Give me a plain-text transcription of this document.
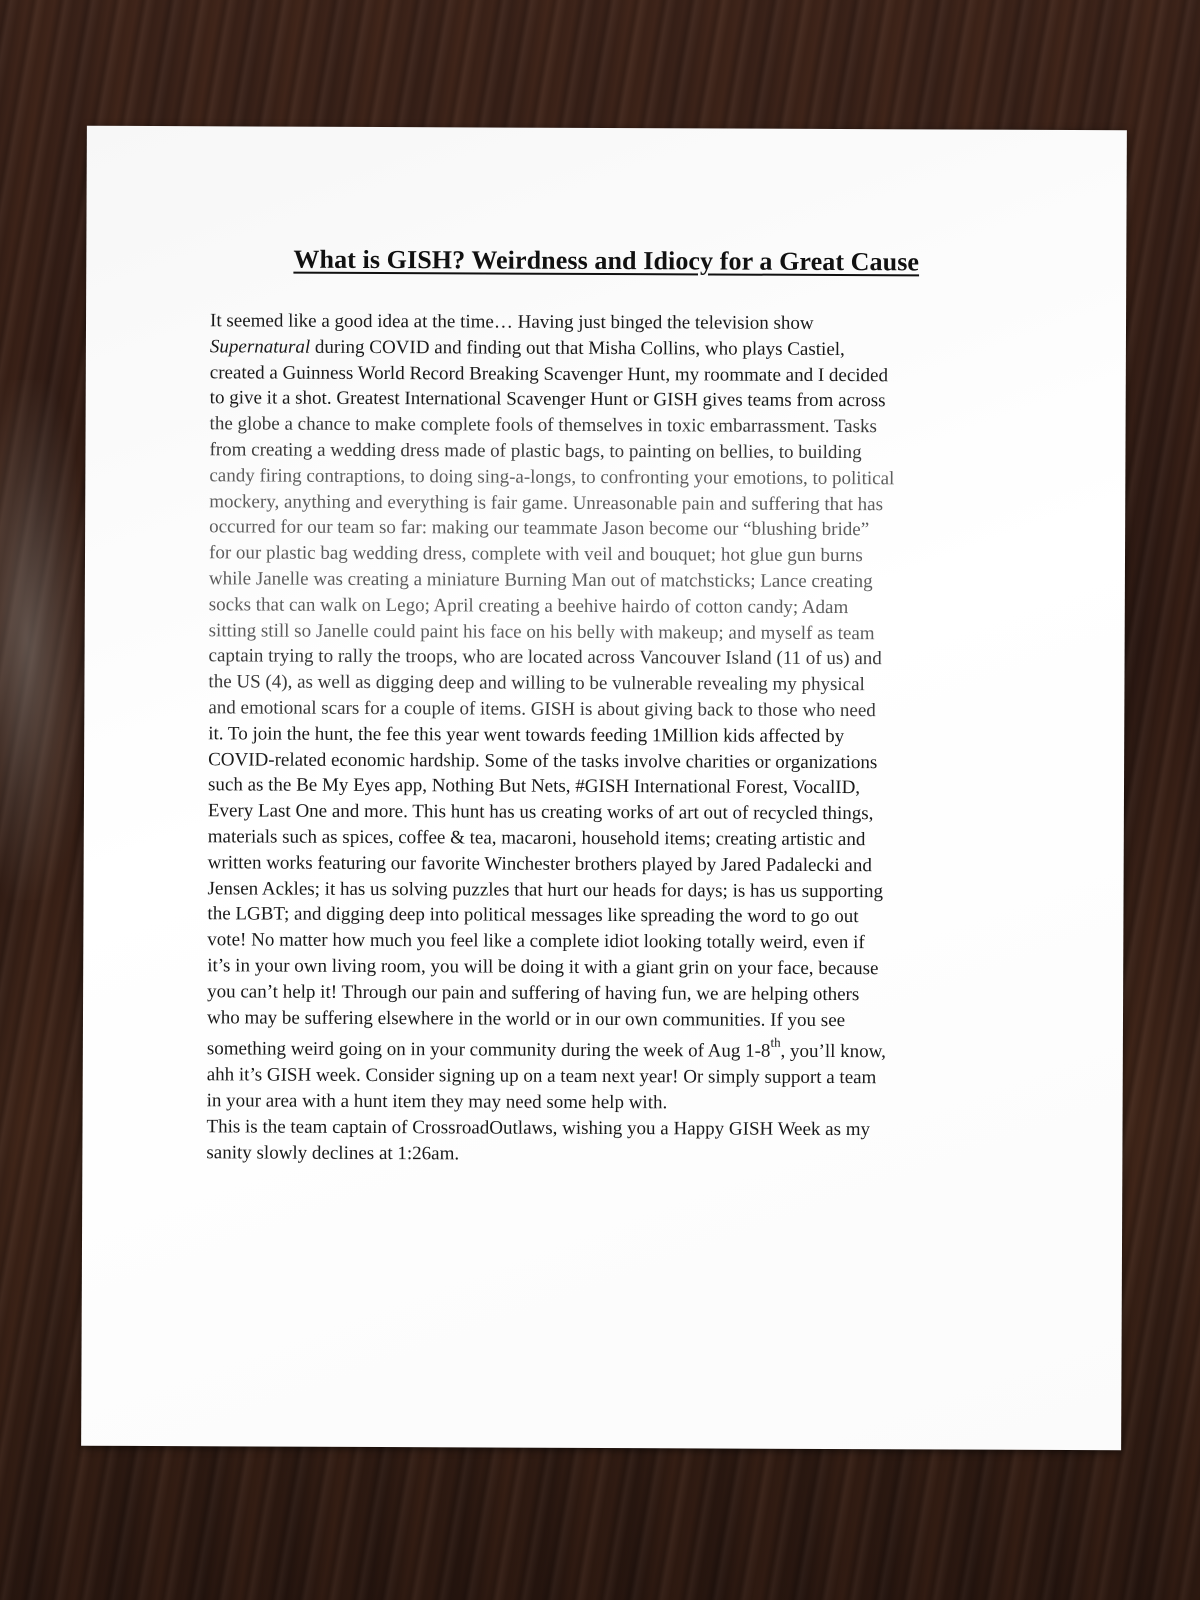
What is GISH? Weirdness and Idiocy for a Great Cause
It seemed like a good idea at the time… Having just binged the television show
Supernatural during COVID and finding out that Misha Collins, who plays Castiel,
created a Guinness World Record Breaking Scavenger Hunt, my roommate and I decided
to give it a shot. Greatest International Scavenger Hunt or GISH gives teams from across
the globe a chance to make complete fools of themselves in toxic embarrassment. Tasks
from creating a wedding dress made of plastic bags, to painting on bellies, to building
candy firing contraptions, to doing sing-a-longs, to confronting your emotions, to political
mockery, anything and everything is fair game. Unreasonable pain and suffering that has
occurred for our team so far: making our teammate Jason become our “blushing bride”
for our plastic bag wedding dress, complete with veil and bouquet; hot glue gun burns
while Janelle was creating a miniature Burning Man out of matchsticks; Lance creating
socks that can walk on Lego; April creating a beehive hairdo of cotton candy; Adam
sitting still so Janelle could paint his face on his belly with makeup; and myself as team
captain trying to rally the troops, who are located across Vancouver Island (11 of us) and
the US (4), as well as digging deep and willing to be vulnerable revealing my physical
and emotional scars for a couple of items. GISH is about giving back to those who need
it. To join the hunt, the fee this year went towards feeding 1Million kids affected by
COVID-related economic hardship. Some of the tasks involve charities or organizations
such as the Be My Eyes app, Nothing But Nets, #GISH International Forest, VocalID,
Every Last One and more. This hunt has us creating works of art out of recycled things,
materials such as spices, coffee & tea, macaroni, household items; creating artistic and
written works featuring our favorite Winchester brothers played by Jared Padalecki and
Jensen Ackles; it has us solving puzzles that hurt our heads for days; is has us supporting
the LGBT; and digging deep into political messages like spreading the word to go out
vote! No matter how much you feel like a complete idiot looking totally weird, even if
it’s in your own living room, you will be doing it with a giant grin on your face, because
you can’t help it! Through our pain and suffering of having fun, we are helping others
who may be suffering elsewhere in the world or in our own communities. If you see
something weird going on in your community during the week of Aug 1-8th, you’ll know,
ahh it’s GISH week. Consider signing up on a team next year! Or simply support a team
in your area with a hunt item they may need some help with.
This is the team captain of CrossroadOutlaws, wishing you a Happy GISH Week as my
sanity slowly declines at 1:26am.
